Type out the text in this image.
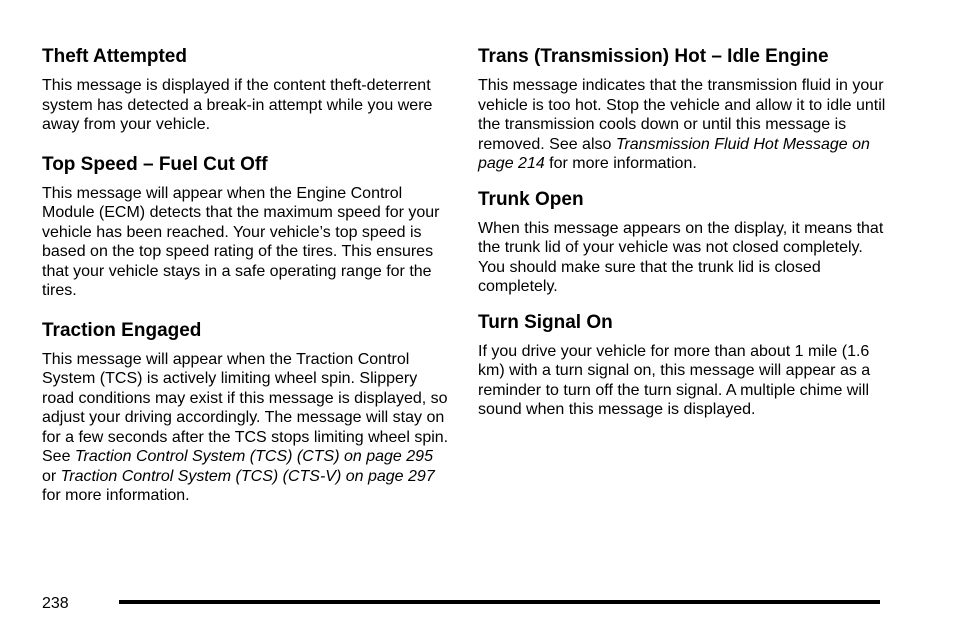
Theft Attempted

This message is displayed if the content theft-deterrent system has detected a break-in attempt while you were away from your vehicle.

Top Speed – Fuel Cut Off

This message will appear when the Engine Control Module (ECM) detects that the maximum speed for your vehicle has been reached. Your vehicle’s top speed is based on the top speed rating of the tires. This ensures that your vehicle stays in a safe operating range for the tires.

Traction Engaged

This message will appear when the Traction Control System (TCS) is actively limiting wheel spin. Slippery road conditions may exist if this message is displayed, so adjust your driving accordingly. The message will stay on for a few seconds after the TCS stops limiting wheel spin. See Traction Control System (TCS) (CTS) on page 295 or Traction Control System (TCS) (CTS-V) on page 297 for more information.

Trans (Transmission) Hot – Idle Engine

This message indicates that the transmission fluid in your vehicle is too hot. Stop the vehicle and allow it to idle until the transmission cools down or until this message is removed. See also Transmission Fluid Hot Message on page 214 for more information.

Trunk Open

When this message appears on the display, it means that the trunk lid of your vehicle was not closed completely. You should make sure that the trunk lid is closed completely.

Turn Signal On

If you drive your vehicle for more than about 1 mile (1.6 km) with a turn signal on, this message will appear as a reminder to turn off the turn signal. A multiple chime will sound when this message is displayed.

238
